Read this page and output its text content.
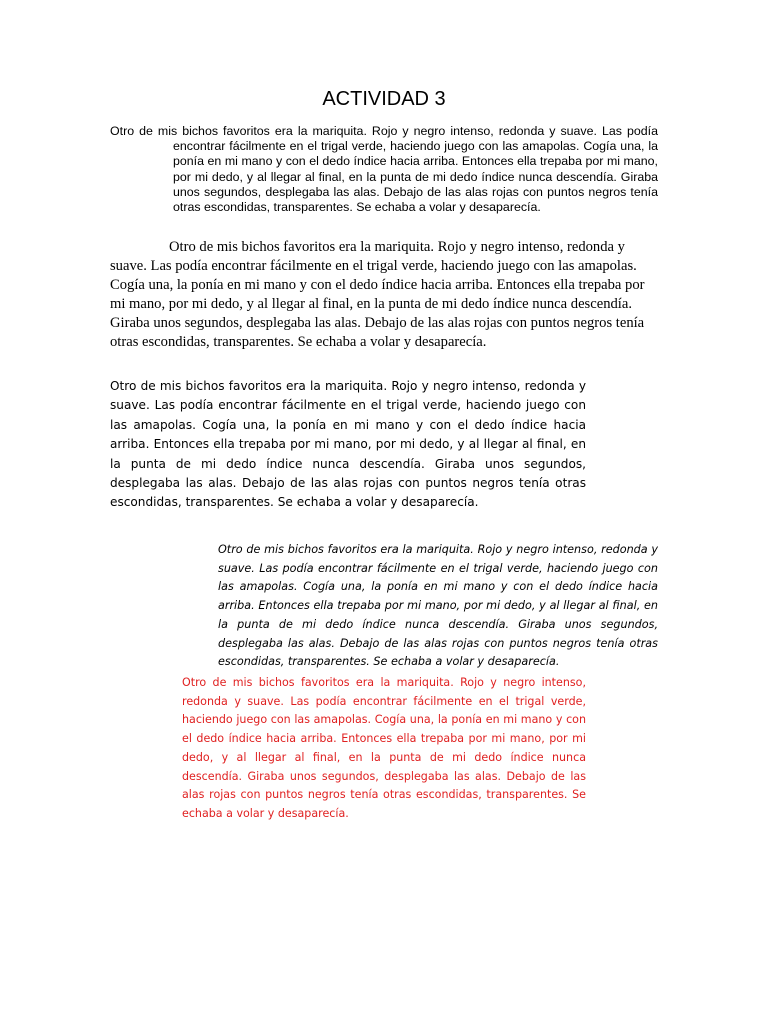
ACTIVIDAD 3

Otro de mis bichos favoritos era la mariquita. Rojo y negro intenso, redonda y suave. Las podía encontrar fácilmente en el trigal verde, haciendo juego con las amapolas. Cogía una, la ponía en mi mano y con el dedo índice hacia arriba. Entonces ella trepaba por mi mano, por mi dedo, y al llegar al final, en la punta de mi dedo índice nunca descendía. Giraba unos segundos, desplegaba las alas. Debajo de las alas rojas con puntos negros tenía otras escondidas, transparentes. Se echaba a volar y desaparecía.

Otro de mis bichos favoritos era la mariquita. Rojo y negro intenso, redonda y suave. Las podía encontrar fácilmente en el trigal verde, haciendo juego con las amapolas. Cogía una, la ponía en mi mano y con el dedo índice hacia arriba. Entonces ella trepaba por mi mano, por mi dedo, y al llegar al final, en la punta de mi dedo índice nunca descendía. Giraba unos segundos, desplegaba las alas. Debajo de las alas rojas con puntos negros tenía otras escondidas, transparentes. Se echaba a volar y desaparecía.

Otro de mis bichos favoritos era la mariquita. Rojo y negro intenso, redonda y suave. Las podía encontrar fácilmente en el trigal verde, haciendo juego con las amapolas. Cogía una, la ponía en mi mano y con el dedo índice hacia arriba. Entonces ella trepaba por mi mano, por mi dedo, y al llegar al final, en la punta de mi dedo índice nunca descendía. Giraba unos segundos, desplegaba las alas. Debajo de las alas rojas con puntos negros tenía otras escondidas, transparentes. Se echaba a volar y desaparecía.

Otro de mis bichos favoritos era la mariquita. Rojo y negro intenso, redonda y suave. Las podía encontrar fácilmente en el trigal verde, haciendo juego con las amapolas. Cogía una, la ponía en mi mano y con el dedo índice hacia arriba. Entonces ella trepaba por mi mano, por mi dedo, y al llegar al final, en la punta de mi dedo índice nunca descendía. Giraba unos segundos, desplegaba las alas. Debajo de las alas rojas con puntos negros tenía otras escondidas, transparentes. Se echaba a volar y desaparecía.

Otro de mis bichos favoritos era la mariquita. Rojo y negro intenso, redonda y suave. Las podía encontrar fácilmente en el trigal verde, haciendo juego con las amapolas. Cogía una, la ponía en mi mano y con el dedo índice hacia arriba. Entonces ella trepaba por mi mano, por mi dedo, y al llegar al final, en la punta de mi dedo índice nunca descendía. Giraba unos segundos, desplegaba las alas. Debajo de las alas rojas con puntos negros tenía otras escondidas, transparentes. Se echaba a volar y desaparecía.
